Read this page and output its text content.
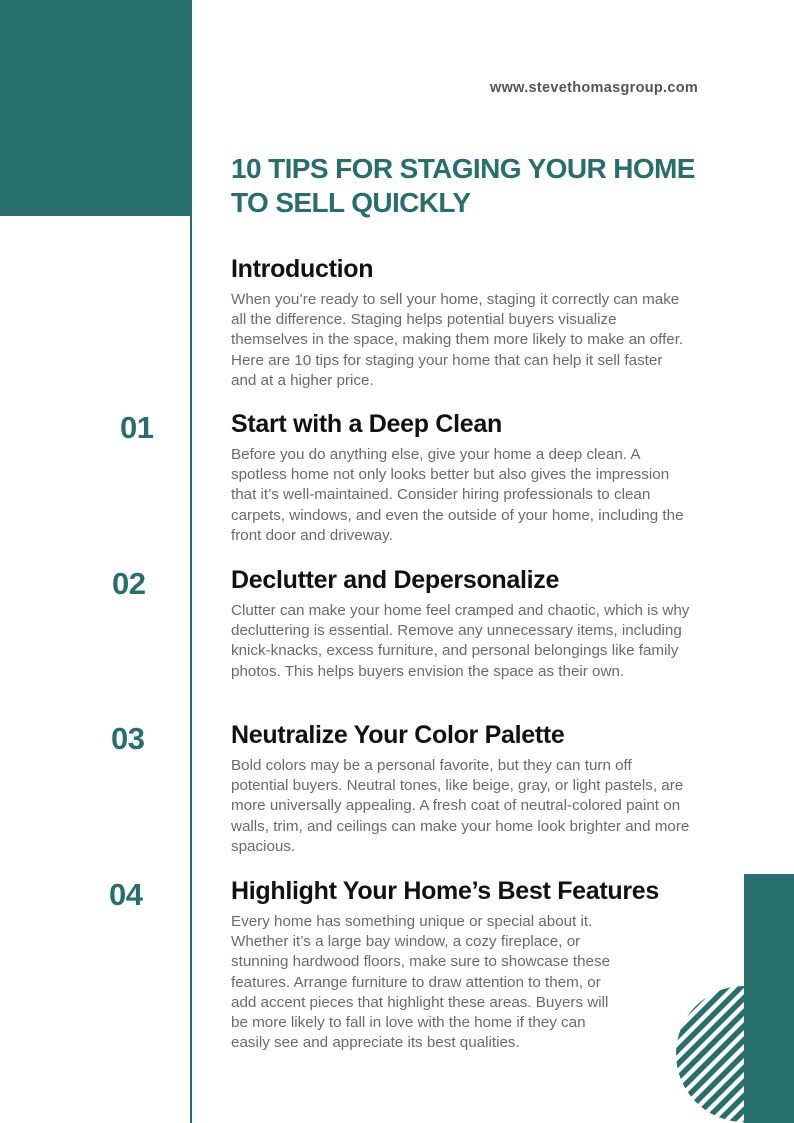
www.stevethomasgroup.com
10 TIPS FOR STAGING YOUR HOME
TO SELL QUICKLY
Introduction

When you’re ready to sell your home, staging it correctly can make all the difference. Staging helps potential buyers visualize themselves in the space, making them more likely to make an offer. Here are 10 tips for staging your home that can help it sell faster and at a higher price.

01	Start with a Deep Clean

Before you do anything else, give your home a deep clean. A spotless home not only looks better but also gives the impression that it’s well-maintained. Consider hiring professionals to clean carpets, windows, and even the outside of your home, including the front door and driveway.

02	Declutter and Depersonalize

Clutter can make your home feel cramped and chaotic, which is why decluttering is essential. Remove any unnecessary items, including knick-knacks, excess furniture, and personal belongings like family photos. This helps buyers envision the space as their own.

03	Neutralize Your Color Palette

Bold colors may be a personal favorite, but they can turn off potential buyers. Neutral tones, like beige, gray, or light pastels, are more universally appealing. A fresh coat of neutral-colored paint on walls, trim, and ceilings can make your home look brighter and more spacious.

04	Highlight Your Home’s Best Features

Every home has something unique or special about it. Whether it’s a large bay window, a cozy fireplace, or stunning hardwood floors, make sure to showcase these features. Arrange furniture to draw attention to them, or add accent pieces that highlight these areas. Buyers will be more likely to fall in love with the home if they can easily see and appreciate its best qualities.
